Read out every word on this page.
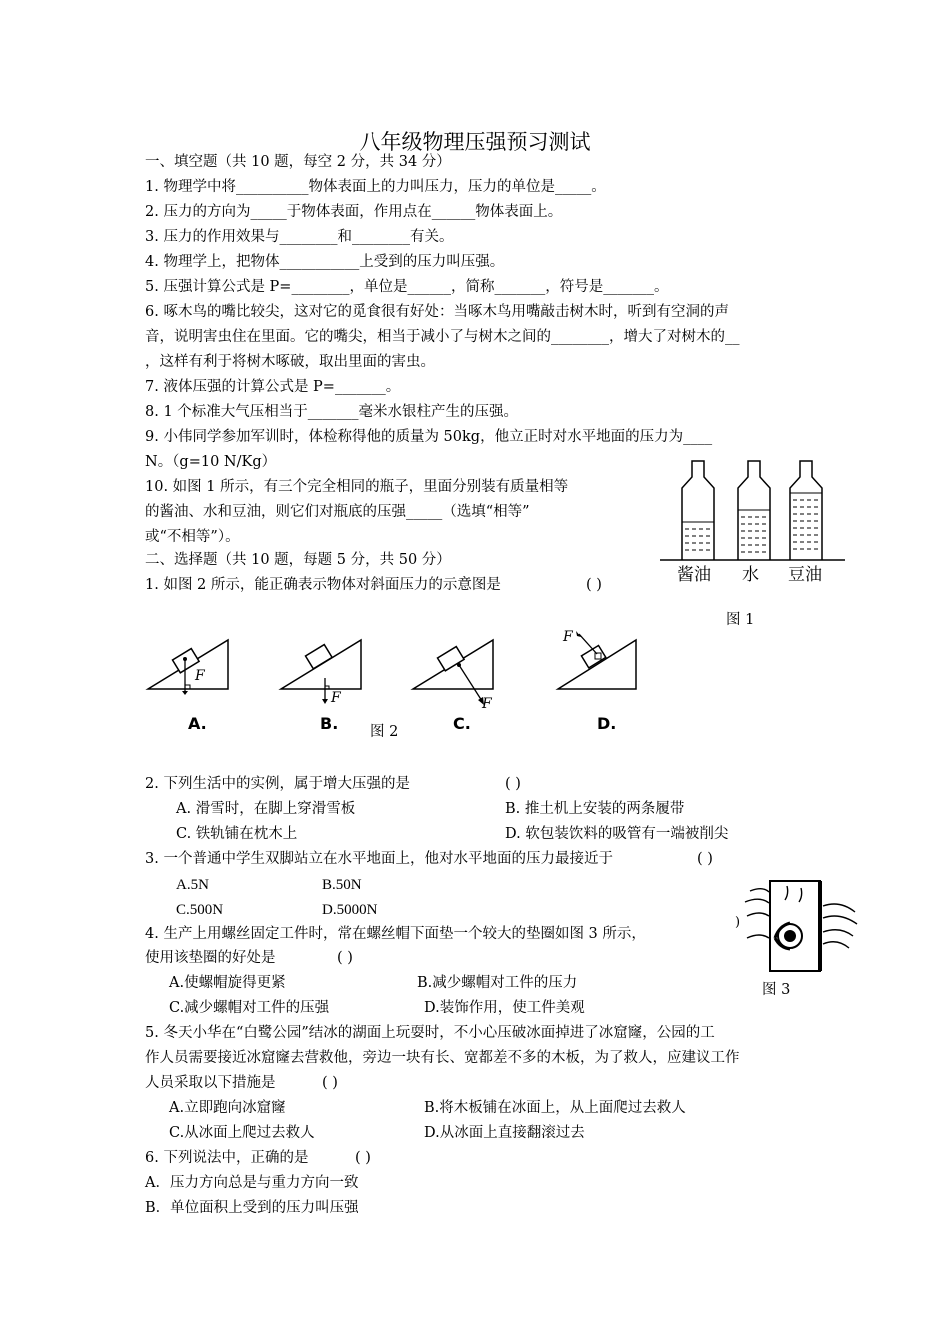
八年级物理压强预习测试
一、填空题（共 10 题，每空 2 分，共 34 分）
1. 物理学中将__________物体表面上的力叫压力，压力的单位是_____。
2. 压力的方向为_____于物体表面，作用点在______物体表面上。
3. 压力的作用效果与________和________有关。
4. 物理学上，把物体___________上受到的压力叫压强。
5. 压强计算公式是 P=________，单位是______，简称_______，符号是_______。
6. 啄木鸟的嘴比较尖，这对它的觅食很有好处：当啄木鸟用嘴敲击树木时，听到有空洞的声
音，说明害虫住在里面。它的嘴尖，相当于减小了与树木之间的________，增大了对树木的__
，这样有利于将树木啄破，取出里面的害虫。
7. 液体压强的计算公式是 P=_______。
8. 1 个标准大气压相当于_______毫米水银柱产生的压强。
9. 小伟同学参加军训时，体检称得他的质量为 50kg，他立正时对水平地面的压力为____
N。（g=10 N/Kg）
10. 如图 1 所示，有三个完全相同的瓶子，里面分别装有质量相等
的酱油、水和豆油，则它们对瓶底的压强_____（选填“相等”
或“不相等”）。
酱油 水 豆油
图 1
二、选择题（共 10 题，每题 5 分，共 50 分）
1. 如图 2 所示，能正确表示物体对斜面压力的示意图是	( )
F
F	F
F
A.	B.	C.	D.
图 2
2. 下列生活中的实例，属于增大压强的是	( )
A. 滑雪时，在脚上穿滑雪板	B. 推土机上安装的两条履带
C. 铁轨铺在枕木上	D. 软包装饮料的吸管有一端被削尖
3. 一个普通中学生双脚站立在水平地面上，他对水平地面的压力最接近于	( )
A.5N	B.50N
C.500N	D.5000N
)
图 3
4. 生产上用螺丝固定工件时，常在螺丝帽下面垫一个较大的垫圈如图 3 所示，
使用该垫圈的好处是	( )
A.使螺帽旋得更紧	B.减少螺帽对工件的压力
C.减少螺帽对工件的压强	D.装饰作用，使工件美观
5. 冬天小华在“白鹭公园”结冰的湖面上玩耍时，不小心压破冰面掉进了冰窟窿，公园的工
作人员需要接近冰窟窿去营救他，旁边一块有长、宽都差不多的木板，为了救人，应建议工作
人员采取以下措施是	( )
A.立即跑向冰窟窿	B.将木板铺在冰面上，从上面爬过去救人
C.从冰面上爬过去救人	D.从冰面上直接翻滚过去
6. 下列说法中，正确的是	( )
A．压力方向总是与重力方向一致
B．单位面积上受到的压力叫压强
